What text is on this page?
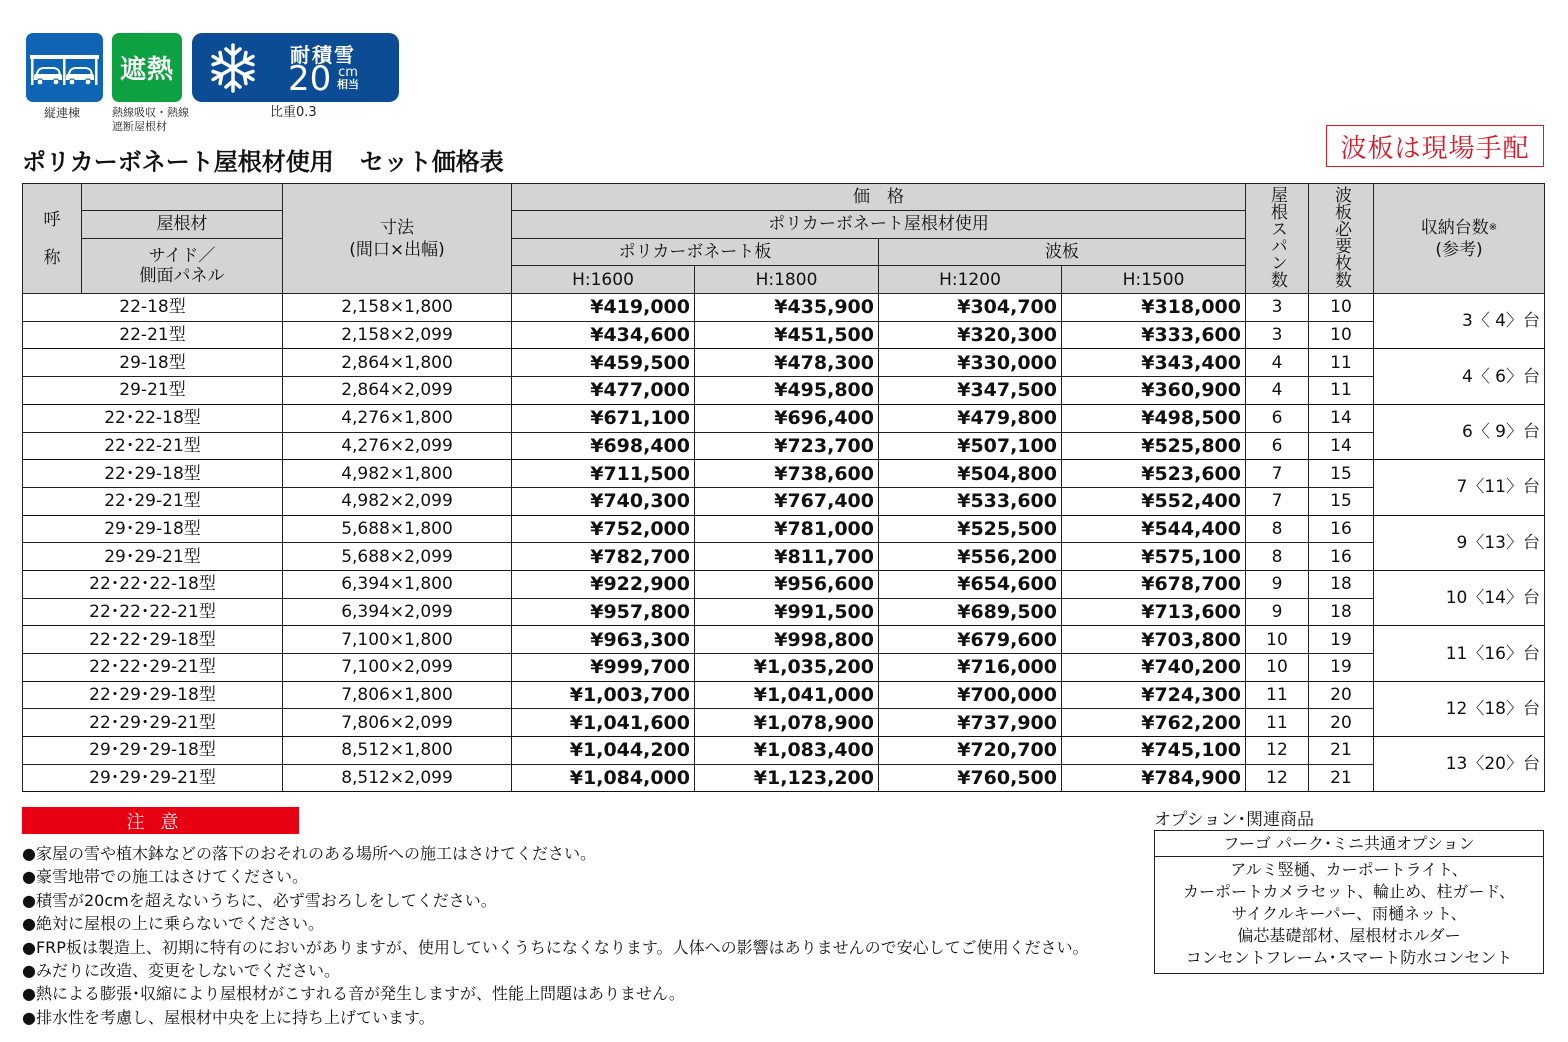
縦連棟
遮熱
熱線吸収・熱線
遮断屋根材
耐積雪
20 cm
相当
比重0.3
ポリカーボネート屋根材使用 セット価格表	波板は現場手配
呼
称

寸法
(間口×出幅)
	価　格	屋根スパン数	波板必要枚数	収納台数※
(参考)

	屋根材		ポリカーボネート屋根材使用						

	サイド／
側面パネル		ポリカーボネート板		波板				
			H:1600	H:1800	H:1200	H:1500			
22-18型		2,158×1,800	¥419,000	¥435,900	¥304,700	¥318,000	3	10	3〈 4〉台
22-21型		2,158×2,099	¥434,600	¥451,500	¥320,300	¥333,600	3	10	
29-18型		2,864×1,800	¥459,500	¥478,300	¥330,000	¥343,400	4	11	4〈 6〉台
29-21型		2,864×2,099	¥477,000	¥495,800	¥347,500	¥360,900	4	11	
22･22-18型		4,276×1,800	¥671,100	¥696,400	¥479,800	¥498,500	6	14	6〈 9〉台
22･22-21型		4,276×2,099	¥698,400	¥723,700	¥507,100	¥525,800	6	14	
22･29-18型		4,982×1,800	¥711,500	¥738,600	¥504,800	¥523,600	7	15	7〈11〉台
22･29-21型		4,982×2,099	¥740,300	¥767,400	¥533,600	¥552,400	7	15	
29･29-18型		5,688×1,800	¥752,000	¥781,000	¥525,500	¥544,400	8	16	9〈13〉台
29･29-21型		5,688×2,099	¥782,700	¥811,700	¥556,200	¥575,100	8	16	
22･22･22-18型		6,394×1,800	¥922,900	¥956,600	¥654,600	¥678,700	9	18	10〈14〉台
22･22･22-21型		6,394×2,099	¥957,800	¥991,500	¥689,500	¥713,600	9	18	
22･22･29-18型		7,100×1,800	¥963,300	¥998,800	¥679,600	¥703,800	10	19	11〈16〉台
22･22･29-21型		7,100×2,099	¥999,700	¥1,035,200	¥716,000	¥740,200	10	19	
22･29･29-18型		7,806×1,800	¥1,003,700	¥1,041,000	¥700,000	¥724,300	11	20	12〈18〉台
22･29･29-21型		7,806×2,099	¥1,041,600	¥1,078,900	¥737,900	¥762,200	11	20	
29･29･29-18型		8,512×1,800	¥1,044,200	¥1,083,400	¥720,700	¥745,100	12	21	13〈20〉台
29･29･29-21型		8,512×2,099	¥1,084,000	¥1,123,200	¥760,500	¥784,900	12	21	
注意
●家屋の雪や植木鉢などの落下のおそれのある場所への施工はさけてください。
●豪雪地帯での施工はさけてください。
●積雪が20cmを超えないうちに、必ず雪おろしをしてください。
●絶対に屋根の上に乗らないでください。
●FRP板は製造上、初期に特有のにおいがありますが、使用していくうちになくなります。人体への影響はありませんので安心してご使用ください。
●みだりに改造、変更をしないでください。
●熱による膨張･収縮により屋根材がこすれる音が発生しますが、性能上問題はありません。
●排水性を考慮し、屋根材中央を上に持ち上げています。
オプション･関連商品
フーゴ パーク･ミニ共通オプション
アルミ竪樋、カーポートライト、
カーポートカメラセット、輪止め、柱ガード、
サイクルキーパー、雨樋ネット、
偏芯基礎部材、屋根材ホルダー
コンセントフレーム･スマート防水コンセント
